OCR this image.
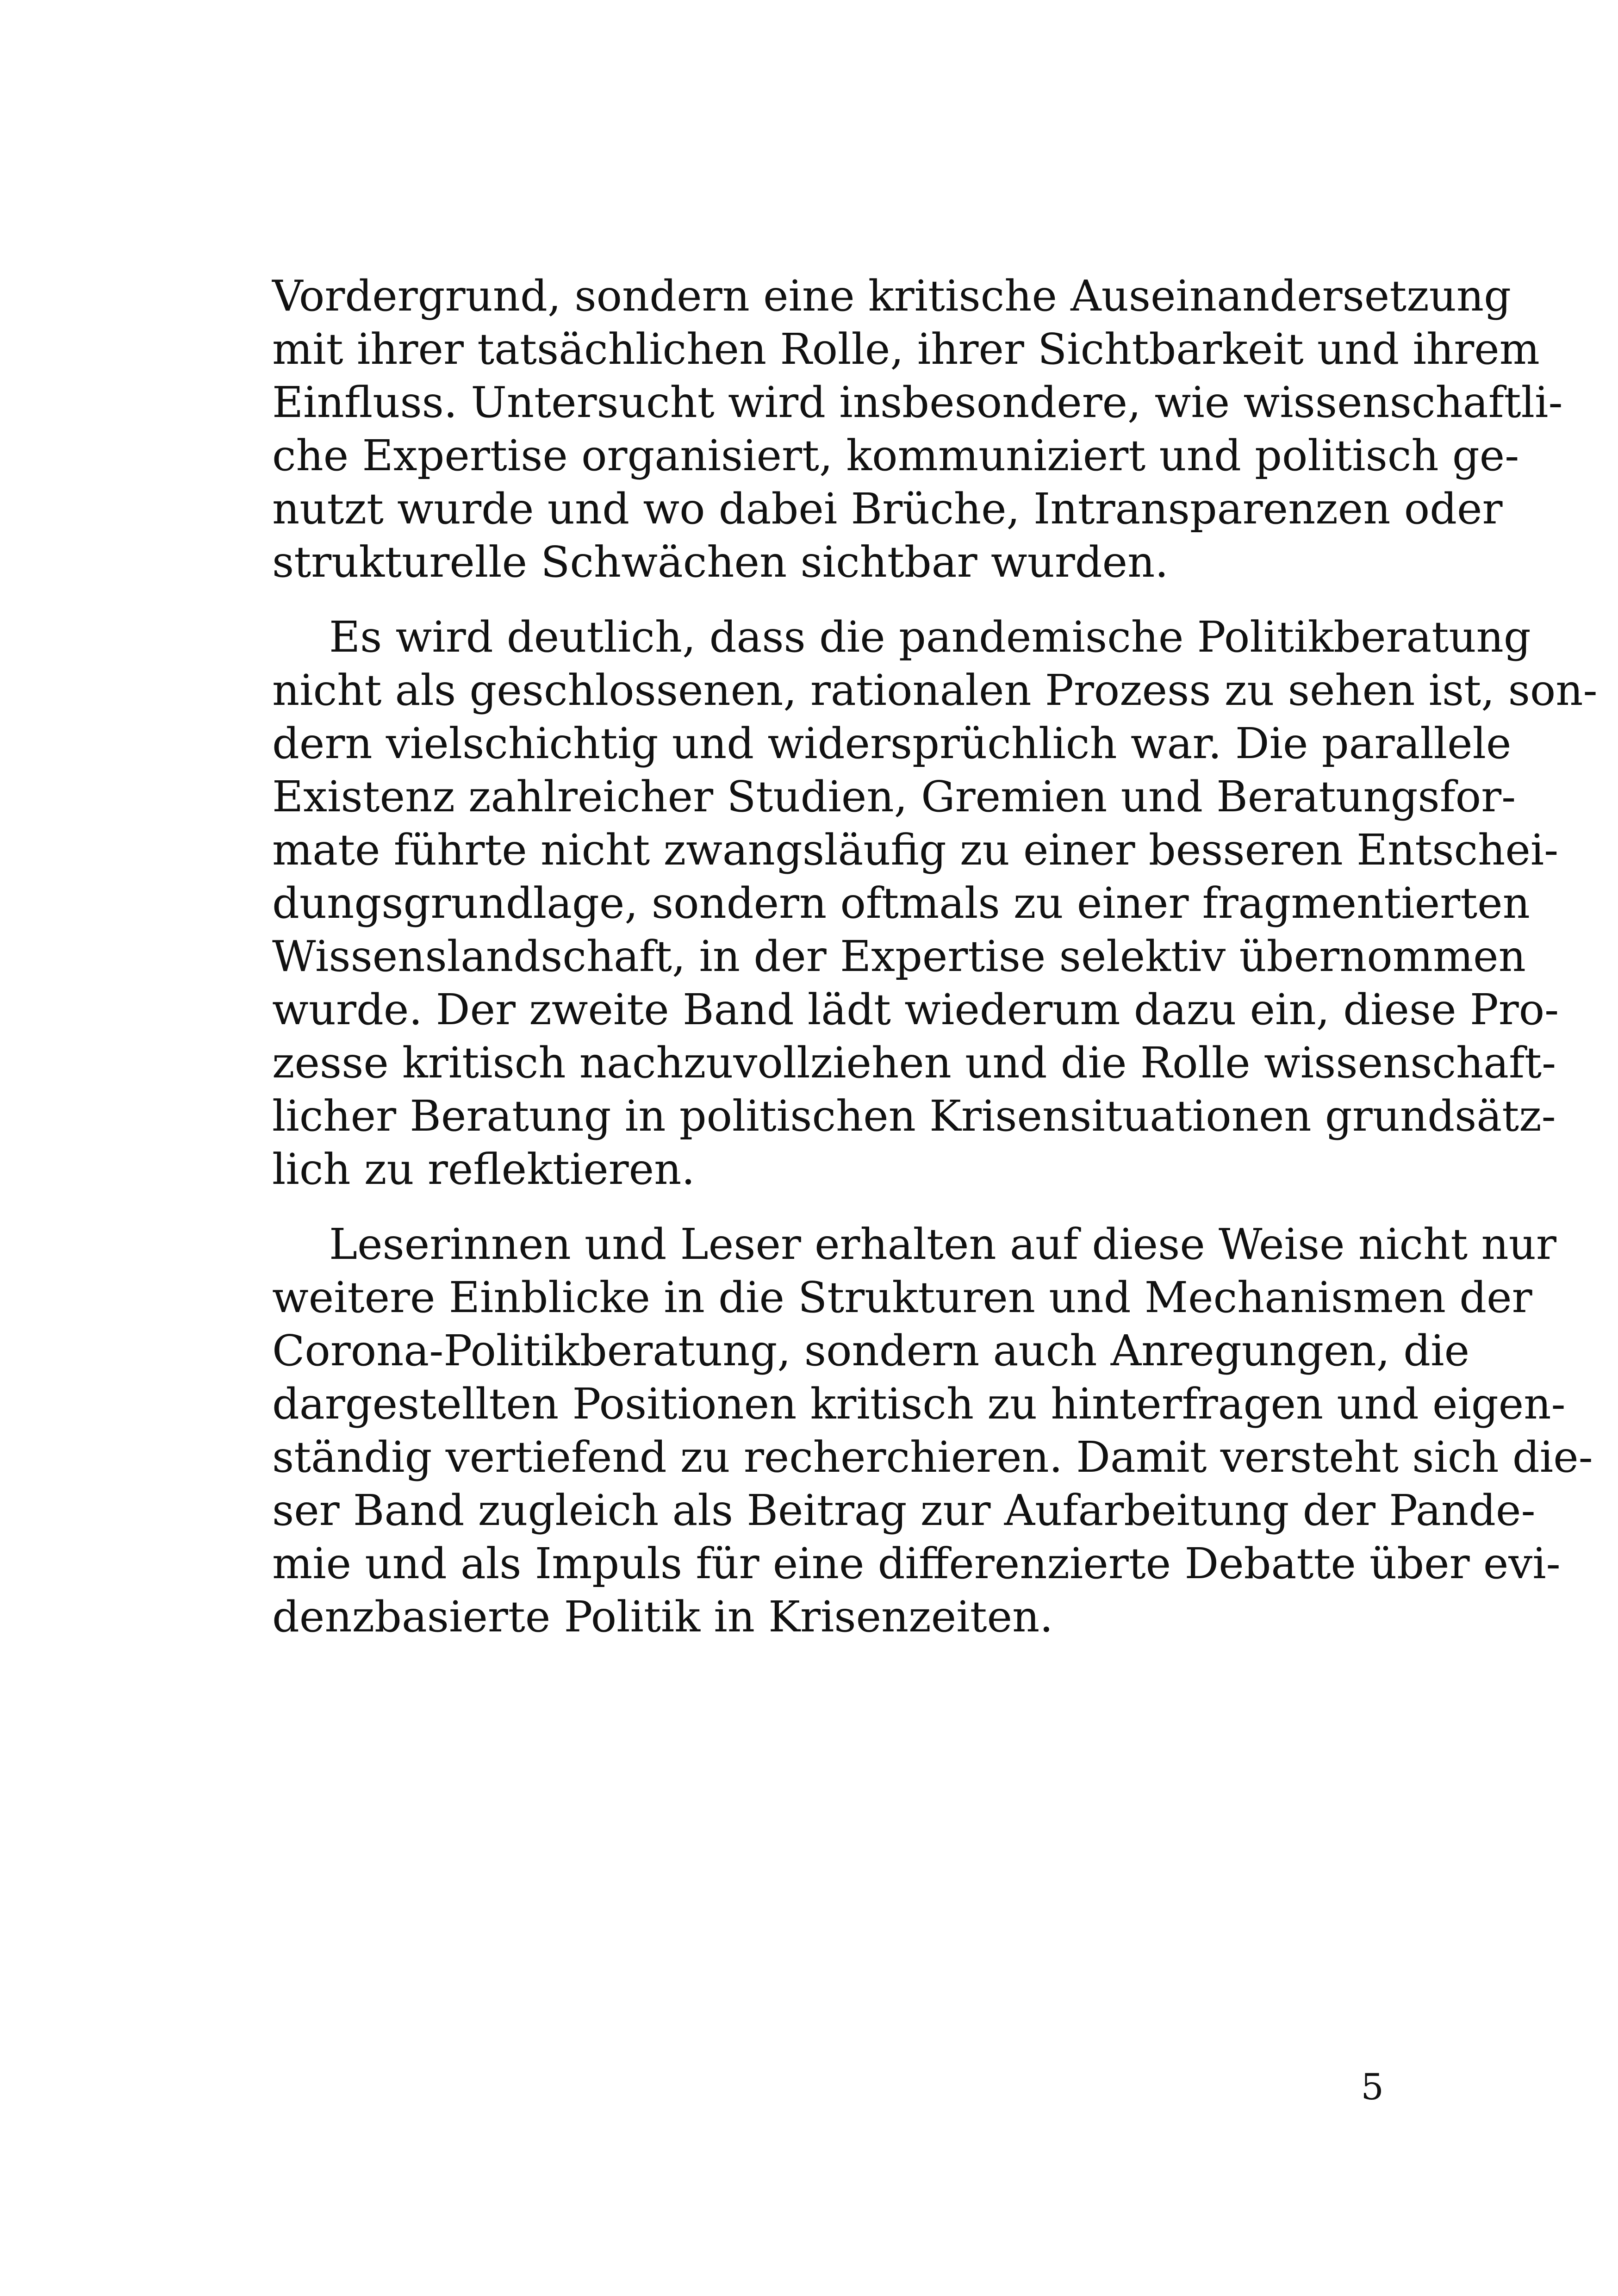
Vordergrund, sondern eine kritische Auseinandersetzung
mit ihrer tatsächlichen Rolle, ihrer Sichtbarkeit und ihrem
Einfluss. Untersucht wird insbesondere, wie wissenschaftli-
che Expertise organisiert, kommuniziert und politisch ge-
nutzt wurde und wo dabei Brüche, Intransparenzen oder
strukturelle Schwächen sichtbar wurden.

Es wird deutlich, dass die pandemische Politikberatung
nicht als geschlossenen, rationalen Prozess zu sehen ist, son-
dern vielschichtig und widersprüchlich war. Die parallele
Existenz zahlreicher Studien, Gremien und Beratungsfor-
mate führte nicht zwangsläufig zu einer besseren Entschei-
dungsgrundlage, sondern oftmals zu einer fragmentierten
Wissenslandschaft, in der Expertise selektiv übernommen
wurde. Der zweite Band lädt wiederum dazu ein, diese Pro-
zesse kritisch nachzuvollziehen und die Rolle wissenschaft-
licher Beratung in politischen Krisensituationen grundsätz-
lich zu reflektieren.

Leserinnen und Leser erhalten auf diese Weise nicht nur
weitere Einblicke in die Strukturen und Mechanismen der
Corona-Politikberatung, sondern auch Anregungen, die
dargestellten Positionen kritisch zu hinterfragen und eigen-
ständig vertiefend zu recherchieren. Damit versteht sich die-
ser Band zugleich als Beitrag zur Aufarbeitung der Pande-
mie und als Impuls für eine differenzierte Debatte über evi-
denzbasierte Politik in Krisenzeiten.

5
